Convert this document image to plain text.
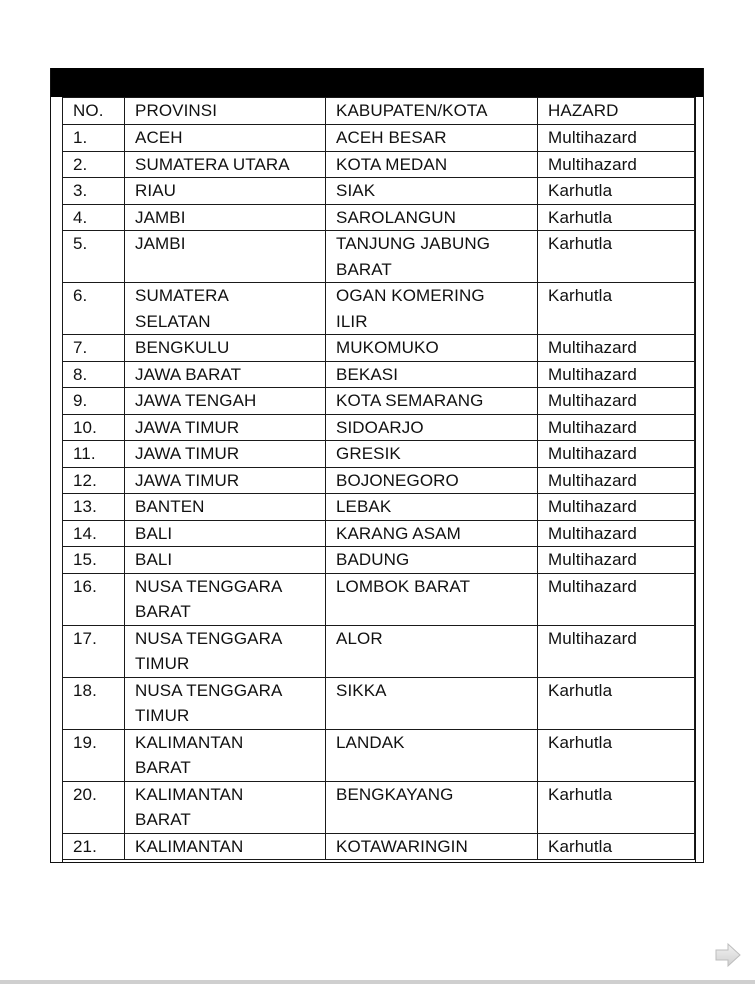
NO.	PROVINSI	KABUPATEN/KOTA	HAZARD
1.	ACEH	ACEH BESAR	Multihazard
2.	SUMATERA UTARA	KOTA MEDAN	Multihazard
3.	RIAU	SIAK	Karhutla
4.	JAMBI	SAROLANGUN	Karhutla
5.	JAMBI	TANJUNG JABUNG BARAT	Karhutla
6.	SUMATERA SELATAN	OGAN KOMERING ILIR	Karhutla
7.	BENGKULU	MUKOMUKO	Multihazard
8.	JAWA BARAT	BEKASI	Multihazard
9.	JAWA TENGAH	KOTA SEMARANG	Multihazard
10.	JAWA TIMUR	SIDOARJO	Multihazard
11.	JAWA TIMUR	GRESIK	Multihazard
12.	JAWA TIMUR	BOJONEGORO	Multihazard
13.	BANTEN	LEBAK	Multihazard
14.	BALI	KARANG ASAM	Multihazard
15.	BALI	BADUNG	Multihazard
16.	NUSA TENGGARA BARAT	LOMBOK BARAT	Multihazard
17.	NUSA TENGGARA TIMUR	ALOR	Multihazard
18.	NUSA TENGGARA TIMUR	SIKKA	Karhutla
19.	KALIMANTAN BARAT	LANDAK	Karhutla
20.	KALIMANTAN BARAT	BENGKAYANG	Karhutla
21.	KALIMANTAN	KOTAWARINGIN	Karhutla
